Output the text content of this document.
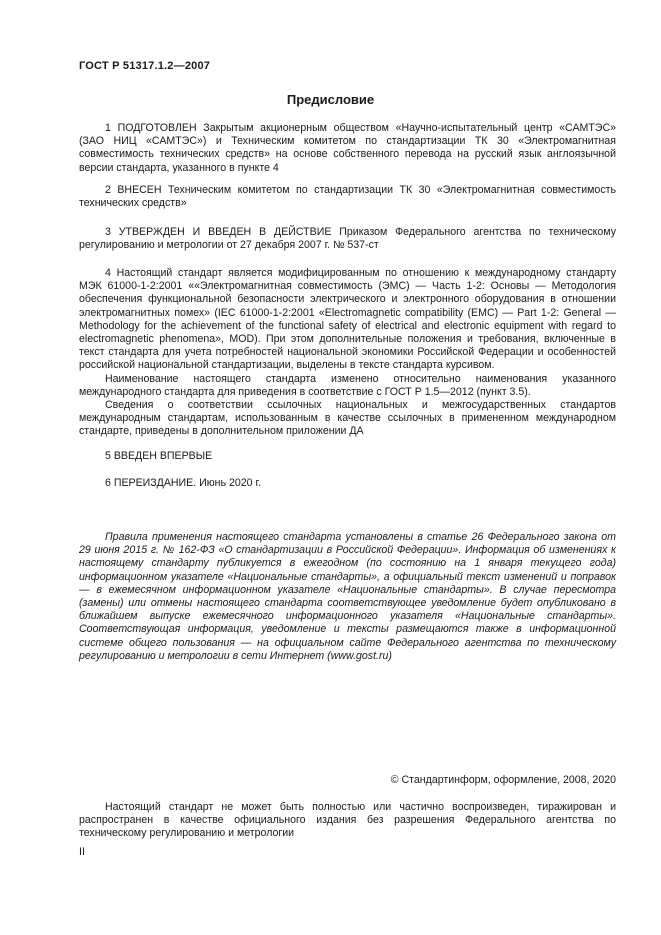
ГОСТ Р 51317.1.2—2007
Предисловие

1 ПОДГОТОВЛЕН Закрытым акционерным обществом «Научно-испытательный центр «САМТЭС» (ЗАО НИЦ «САМТЭС») и Техническим комитетом по стандартизации ТК 30 «Электромагнитная совместимость технических средств» на основе собственного перевода на русский язык англоязычной версии стандарта, указанного в пункте 4

2 ВНЕСЕН Техническим комитетом по стандартизации ТК 30 «Электромагнитная совместимость технических средств»

3 УТВЕРЖДЕН И ВВЕДЕН В ДЕЙСТВИЕ Приказом Федерального агентства по техническому регулированию и метрологии от 27 декабря 2007 г. № 537-ст

4 Настоящий стандарт является модифицированным по отношению к международному стандарту МЭК 61000-1-2:2001 ««Электромагнитная совместимость (ЭМС) — Часть 1-2: Основы — Методология обеспечения функциональной безопасности электрического и электронного оборудования в отношении электромагнитных помех» (IEC 61000-1-2:2001 «Electromagnetic compatibility (EMC) — Part 1-2: General — Methodology for the achievement of the functional safety of electrical and electronic equipment with regard to electromagnetic phenomena», MOD). При этом дополнительные положения и требования, включенные в текст стандарта для учета потребностей национальной экономики Российской Федерации и особенностей российской национальной стандартизации, выделены в тексте стандарта курсивом.

Наименование настоящего стандарта изменено относительно наименования указанного международного стандарта для приведения в соответствие с ГОСТ Р 1.5—2012 (пункт 3.5).

Сведения о соответствии ссылочных национальных и межгосударственных стандартов международным стандартам, использованным в качестве ссылочных в примененном международном стандарте, приведены в дополнительном приложении ДА

5 ВВЕДЕН ВПЕРВЫЕ

6 ПЕРЕИЗДАНИЕ. Июнь 2020 г.

Правила применения настоящего стандарта установлены в статье 26 Федерального закона от 29 июня 2015 г. № 162-ФЗ «О стандартизации в Российской Федерации». Информация об изменениях к настоящему стандарту публикуется в ежегодном (по состоянию на 1 января текущего года) информационном указателе «Национальные стандарты», а официальный текст изменений и поправок — в ежемесячном информационном указателе «Национальные стандарты». В случае пересмотра (замены) или отмены настоящего стандарта соответствующее уведомление будет опубликовано в ближайшем выпуске ежемесячного информационного указателя «Национальные стандарты». Соответствующая информация, уведомление и тексты размещаются также в информационной системе общего пользования — на официальном сайте Федерального агентства по техническому регулированию и метрологии в сети Интернет (www.gost.ru)

© Стандартинформ, оформление, 2008, 2020

Настоящий стандарт не может быть полностью или частично воспроизведен, тиражирован и распространен в качестве официального издания без разрешения Федерального агентства по техническому регулированию и метрологии

II
